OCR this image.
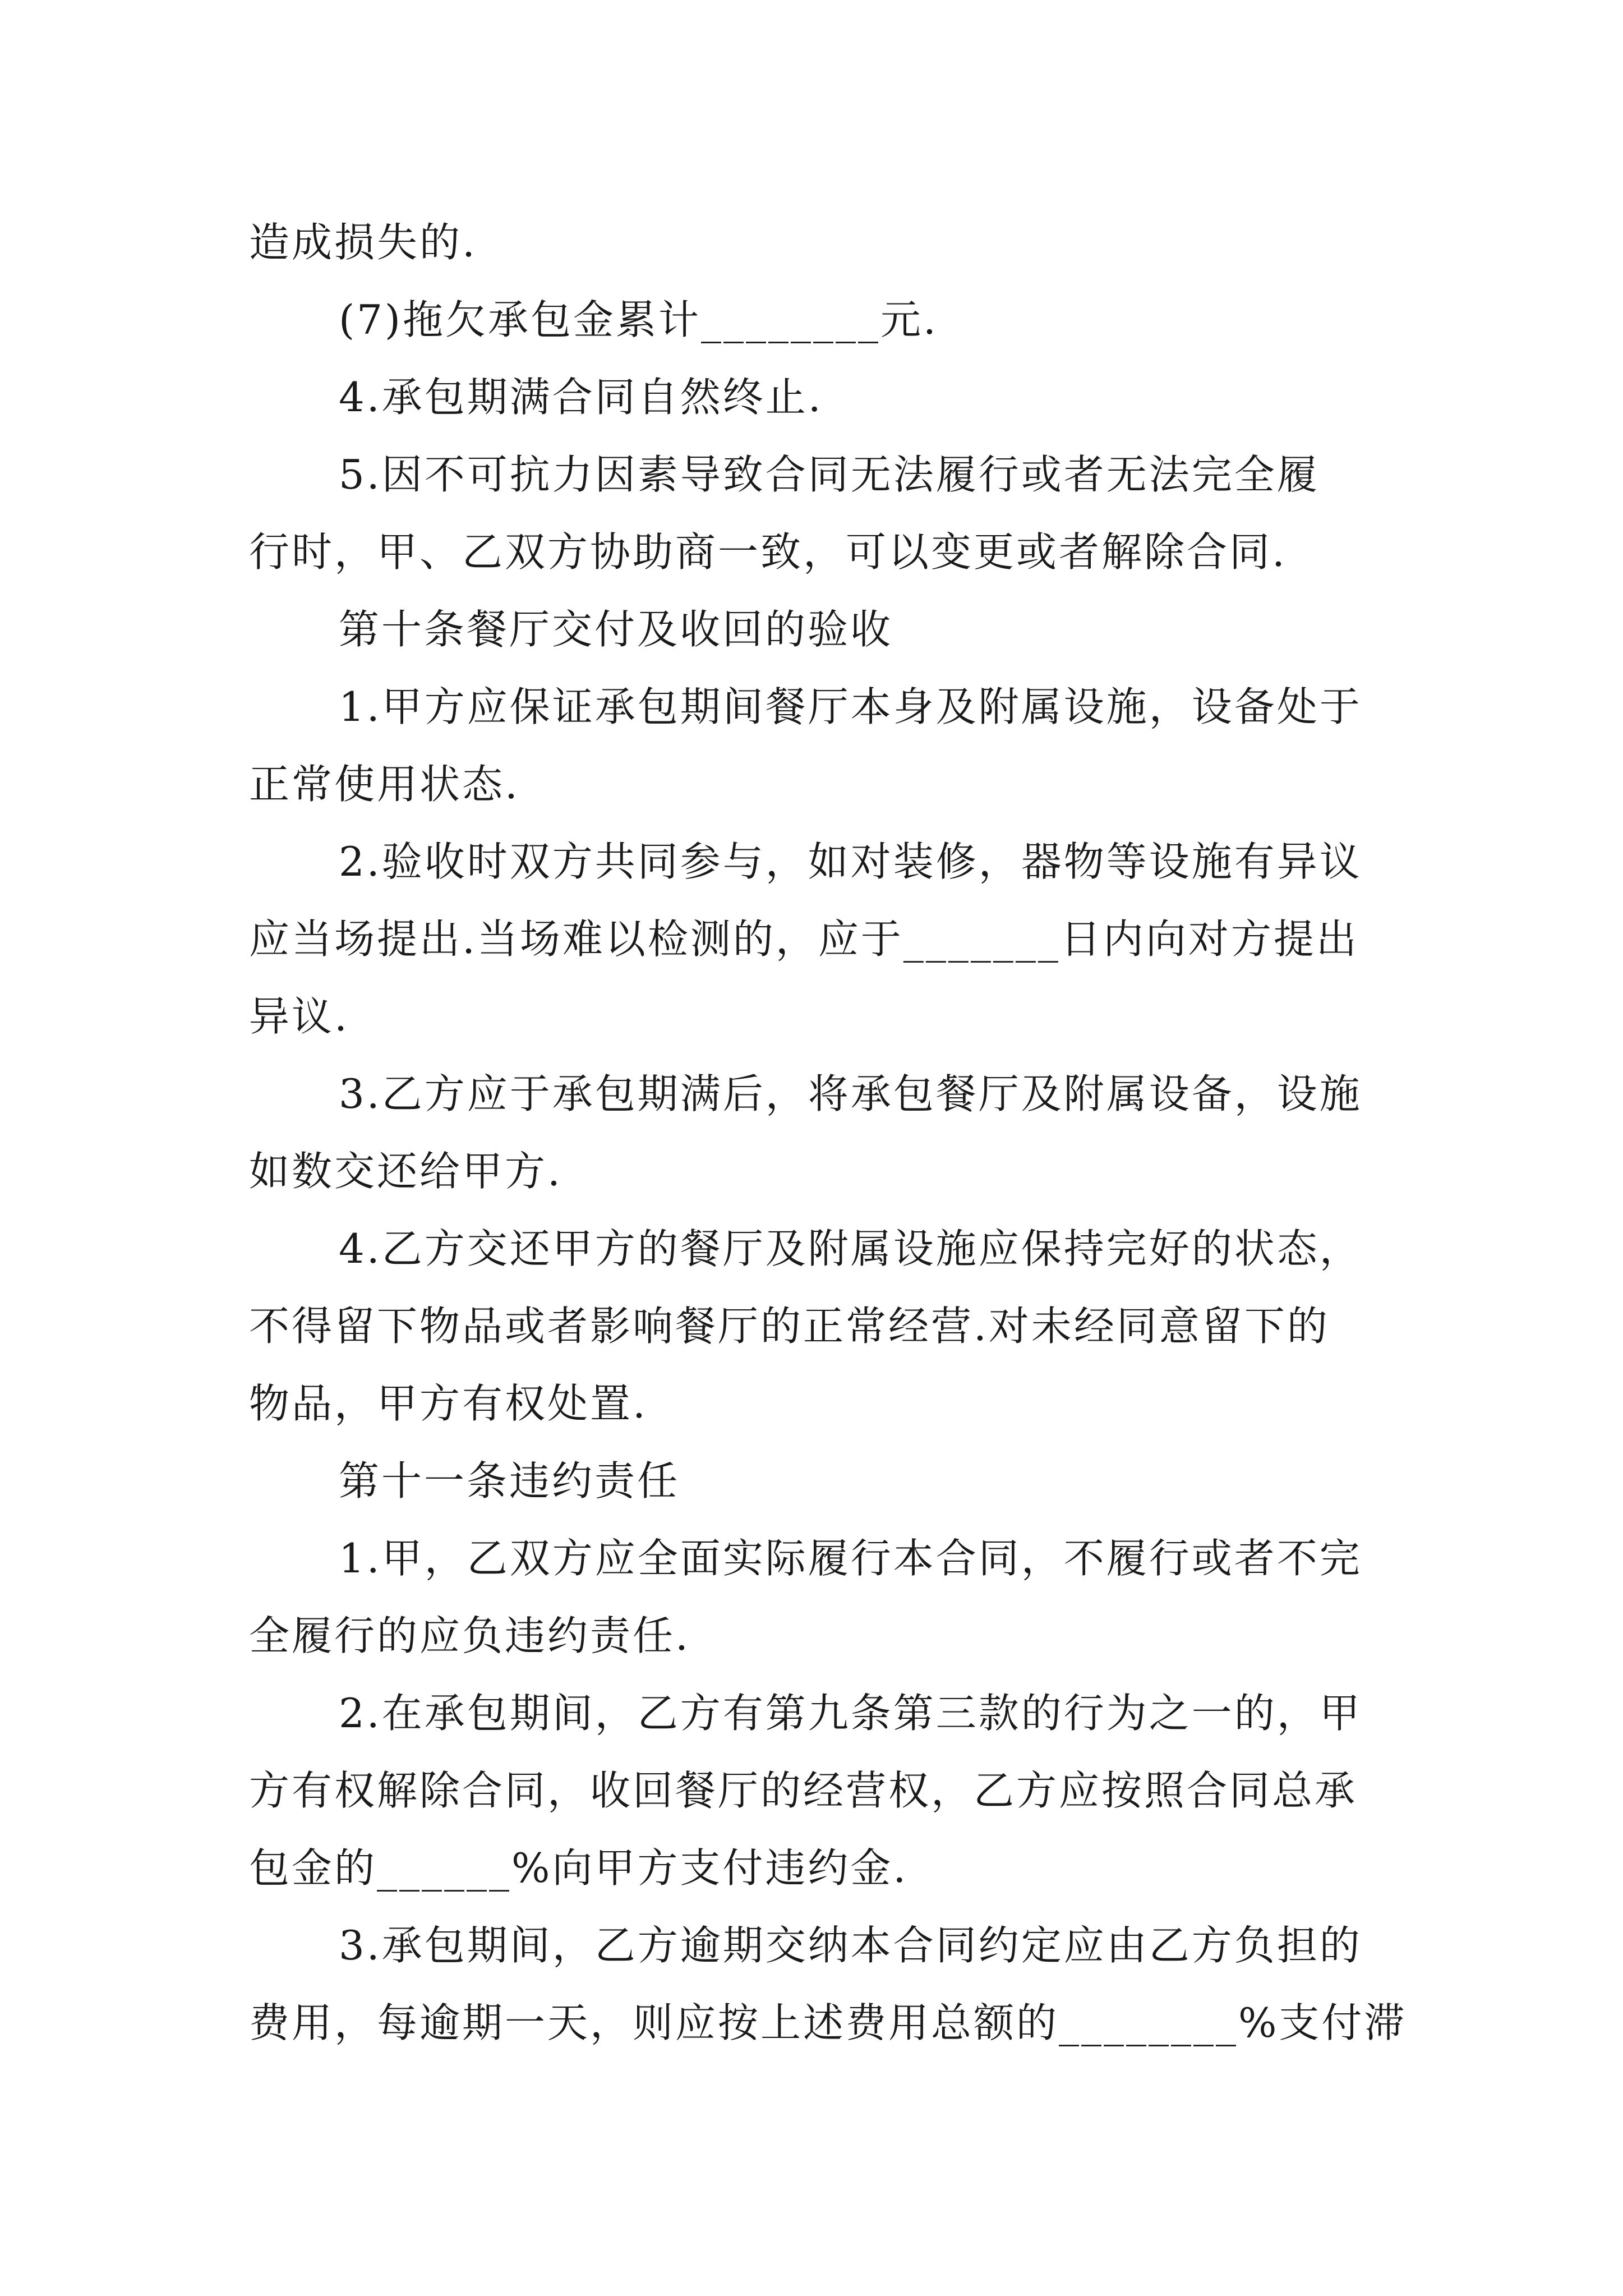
造成损失的.
(7)拖欠承包金累计________元.
4.承包期满合同自然终止.
5.因不可抗力因素导致合同无法履行或者无法完全履
行时，甲、乙双方协助商一致，可以变更或者解除合同.
第十条餐厅交付及收回的验收
1.甲方应保证承包期间餐厅本身及附属设施，设备处于
正常使用状态.
2.验收时双方共同参与，如对装修，器物等设施有异议
应当场提出.当场难以检测的，应于_______日内向对方提出
异议.
3.乙方应于承包期满后，将承包餐厅及附属设备，设施
如数交还给甲方.
4.乙方交还甲方的餐厅及附属设施应保持完好的状态，
不得留下物品或者影响餐厅的正常经营.对未经同意留下的
物品，甲方有权处置.
第十一条违约责任
1.甲，乙双方应全面实际履行本合同，不履行或者不完
全履行的应负违约责任.
2.在承包期间，乙方有第九条第三款的行为之一的，甲
方有权解除合同，收回餐厅的经营权，乙方应按照合同总承
包金的______%向甲方支付违约金.
3.承包期间，乙方逾期交纳本合同约定应由乙方负担的
费用，每逾期一天，则应按上述费用总额的________%支付滞
